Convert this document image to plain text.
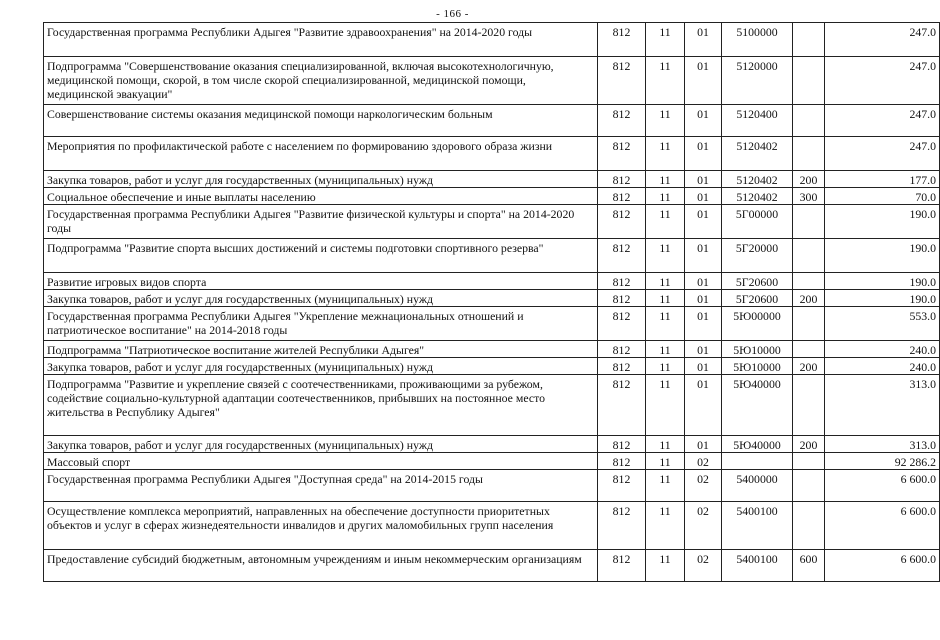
- 166 -
Государственная программа Республики Адыгея "Развитие здравоохранения" на 2014-2020 годы	812	11	01	5100000		247.0
Подпрограмма "Совершенствование оказания специализированной, включая высокотехнологичную, медицинской помощи, скорой, в том числе скорой специализированной, медицинской помощи, медицинской эвакуации"	812	11	01	5120000		247.0
Совершенствование системы оказания медицинской помощи наркологическим больным	812	11	01	5120400		247.0
Мероприятия по профилактической работе с населением по формированию здорового образа жизни	812	11	01	5120402		247.0
Закупка товаров, работ и услуг для государственных (муниципальных) нужд	812	11	01	5120402	200	177.0
Социальное обеспечение и иные выплаты населению	812	11	01	5120402	300	70.0
Государственная программа Республики Адыгея "Развитие физической культуры и спорта" на 2014-2020 годы	812	11	01	5Г00000		190.0
Подпрограмма "Развитие спорта высших достижений и системы подготовки спортивного резерва"	812	11	01	5Г20000		190.0
Развитие игровых видов спорта	812	11	01	5Г20600		190.0
Закупка товаров, работ и услуг для государственных (муниципальных) нужд	812	11	01	5Г20600	200	190.0
Государственная программа Республики Адыгея "Укрепление межнациональных отношений и патриотическое воспитание" на 2014-2018 годы	812	11	01	5Ю00000		553.0
Подпрограмма "Патриотическое воспитание жителей Республики Адыгея"	812	11	01	5Ю10000		240.0
Закупка товаров, работ и услуг для государственных (муниципальных) нужд	812	11	01	5Ю10000	200	240.0
Подпрограмма "Развитие и укрепление связей с соотечественниками, проживающими за рубежом, содействие социально-культурной адаптации соотечественников, прибывших на постоянное место жительства в Республику Адыгея"	812	11	01	5Ю40000		313.0
Закупка товаров, работ и услуг для государственных (муниципальных) нужд	812	11	01	5Ю40000	200	313.0
Массовый спорт	812	11	02			92 286.2
Государственная программа Республики Адыгея "Доступная среда" на 2014-2015 годы	812	11	02	5400000		6 600.0
Осуществление комплекса мероприятий, направленных на обеспечение доступности приоритетных объектов и услуг в сферах жизнедеятельности инвалидов и других маломобильных групп населения	812	11	02	5400100		6 600.0
Предоставление субсидий бюджетным, автономным учреждениям и иным некоммерческим организациям	812	11	02	5400100	600	6 600.0
